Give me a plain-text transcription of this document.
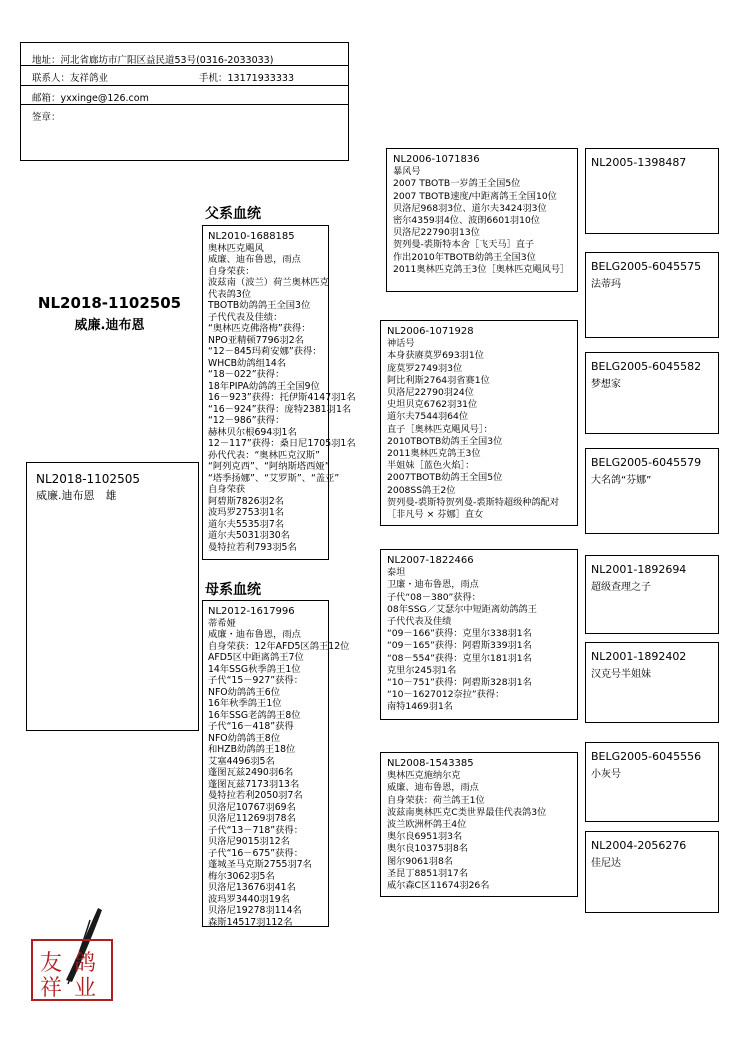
地址：河北省廊坊市广阳区益民道53号(0316-2033033)
联系人：友祥鸽业	手机：13171933333
邮箱：yxxinge@126.com
签章：
父系血统
母系血统
NL2018-1102505
威廉.迪布恩
NL2018-1102505
威廉.迪布恩　雄
NL2010-1688185
奥林匹克飓风
威廉、迪布鲁恩，雨点
自身荣获：
波兹南（波兰）荷兰奥林匹克
代表鸽3位
TBOTB幼鸽鸽王全国3位
子代代表及佳绩：
“奥林匹克佛洛梅”获得：
NPO亚精顿7796羽2名
“12－845玛莉安娜”获得：
WHCB幼鸽组14名
“18－022”获得：
18年PIPA幼鸽鸽王全国9位
16－923”获得：托伊斯4147羽1名
“16－924”获得：庞特2381羽1名
“12－986”获得：
赫林贝尔根694羽1名
12－117”获得：桑日尼1705羽1名
孙代代表：“奥林匹克汉斯”
“阿列克西”、“阿纳斯塔西娅”
“塔季扬娜”、“艾罗斯”、“盖亚”
自身荣获
阿碧斯7826羽2名
波玛罗2753羽1名
道尔夫5535羽7名
道尔夫5031羽30名
曼特拉若利793羽5名
NL2012-1617996
蒂希娅
威廉・迪布鲁恩，雨点
自身荣获：12年AFD5区鸽王12位
AFD5区中距离鸽王7位
14年SSG秋季鸽王1位
子代“15－927”获得：
NFO幼鸽鸽王6位
16年秋季鸽王1位
16年SSG老鸽鸽王8位
子代“16－418”获得
NFO幼鸽鸽王8位
和HZB幼鸽鸽王18位
艾塞4496羽5名
蓬图瓦兹2490羽6名
蓬图瓦兹7173羽13名
曼特拉若利2050羽7名
贝洛尼10767羽69名
贝洛尼11269羽78名
子代“13－718”获得：
贝洛尼9015羽12名
子代“16－675”获得：
蓬城圣马克斯2755羽7名
梅尔3062羽5名
贝洛尼13676羽41名
波玛罗3440羽19名
贝洛尼19278羽114名
森斯14517羽112名
NL2006-1071836
暴风号
2007 TBOTB一岁鸽王全国5位
2007 TBOTB速度/中距离鸽王全国10位
贝洛尼968羽3位、道尔夫3424羽3位
密尔4359羽4位、波朗6601羽10位
贝洛尼22790羽13位
贺列曼-裘斯特本舍［飞天马］直子
作出2010年TBOTB幼鸽王全国3位
2011奥林匹克鸽王3位［奥林匹克飓风号］
NL2006-1071928
神话号
本身获赓莫罗693羽1位
庞莫罗2749羽3位
阿比利斯2764羽省赛1位
贝洛尼22790羽24位
史坦贝克6762羽31位
道尔夫7544羽64位
直子［奥林匹克飓风号］：
2010TBOTB幼鸽王全国3位
2011奥林匹克鸽王3位
半姐妹［蓝色火焰］：
2007TBOTB幼鸽王全国5位
2008SS鸽王2位
贺列曼-裘斯特贺列曼-裘斯特超级种鸽配对
［非凡号 × 芬娜］直女
NL2007-1822466
泰坦
卫廉・迪布鲁恩，雨点
子代“08－380”获得：
08年SSG／艾瑟尔中短距离幼鸽鸽王
子代代表及佳绩
“09－166”获得：克里尔338羽1名
“09－165”获得：阿碧斯339羽1名
“08－554”获得：克里尔181羽1名
克里尔245羽1名
“10－751”获得：阿碧斯328羽1名
“10－1627012奈拉”获得：
南特1469羽1名
NL2008-1543385
奥林匹克施纳尔克
威廉、迪布鲁恩，雨点
自身荣获：荷兰鸽王1位
波兹南奥林匹克C类世界最佳代表鸽3位
波兰欧洲杯鸽王4位
奥尔良6951羽3名
奥尔良10375羽8名
图尔9061羽8名
圣昆丁8851羽17名
威尔森C区11674羽26名
NL2005-1398487
BELG2005-6045575
法蒂玛
BELG2005-6045582
梦想家
BELG2005-6045579
大名鸽“芬娜”
NL2001-1892694
超级查理之子
NL2001-1892402
汉克号半姐妹
BELG2005-6045556
小灰号
NL2004-2056276
佳尼达
友 鸽
祥 业
